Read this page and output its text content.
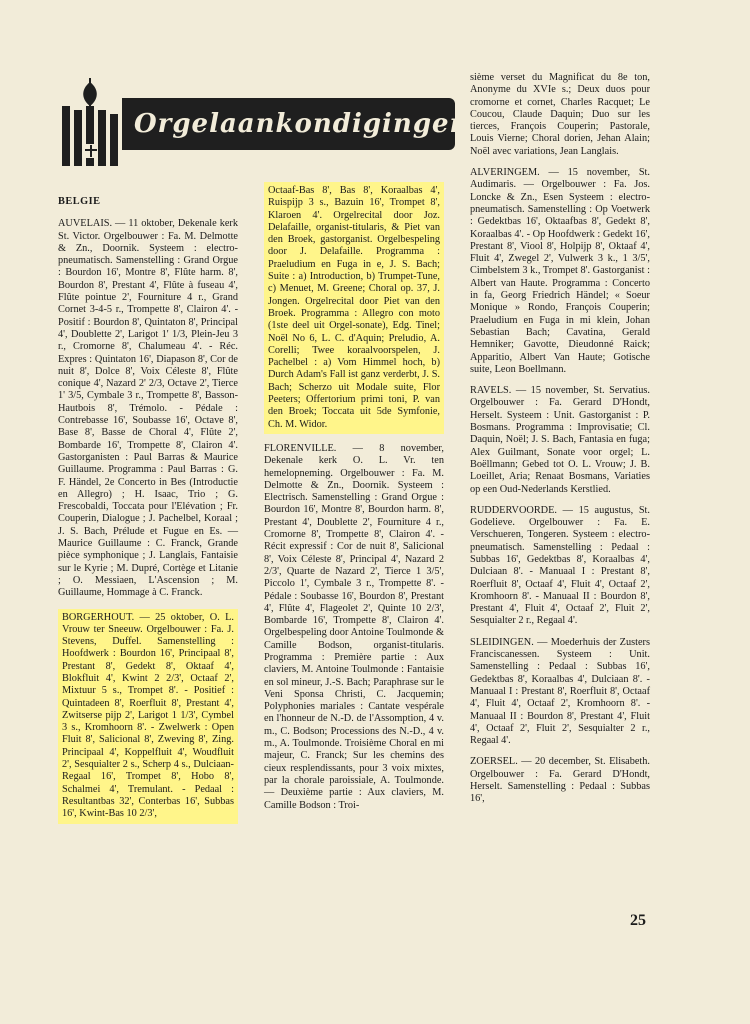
Orgelaankondigingen

BELGIE

AUVELAIS. — 11 oktober, Dekenale kerk St. Victor. Orgelbouwer : Fa. M. Delmotte & Zn., Doornik. Systeem : electro-pneumatisch. Samenstelling : Grand Orgue : Bourdon 16', Montre 8', Flûte harm. 8', Bourdon 8', Prestant 4', Flûte à fuseau 4', Flûte pointue 2', Fourniture 4 r., Grand Cornet 3-4-5 r., Trompette 8', Clairon 4'. - Positif : Bourdon 8', Quintaton 8', Principal 4', Doublette 2', Larigot 1' 1/3, Plein-Jeu 3 r., Cromorne 8', Chalumeau 4'. - Réc. Expres : Quintaton 16', Diapason 8', Cor de nuit 8', Dolce 8', Voix Céleste 8', Flûte conique 4', Nazard 2' 2/3, Octave 2', Tierce 1' 3/5, Cymbale 3 r., Trompette 8', Basson-Hautbois 8', Trémolo. - Pédale : Contrebasse 16', Soubasse 16', Octave 8', Base 8', Basse de Choral 4', Flûte 2', Bombarde 16', Trompette 8', Clairon 4'. Gastorganisten : Paul Barras & Maurice Guillaume. Programma : Paul Barras : G. F. Händel, 2e Concerto in Bes (Introductie en Allegro) ; H. Isaac, Trio ; G. Frescobaldi, Toccata pour l'Elévation ; Fr. Couperin, Dialogue ; J. Pachelbel, Koraal ; J. S. Bach, Prélude et Fugue en Es. — Maurice Guillaume : C. Franck, Grande pièce symphonique ; J. Langlais, Fantaisie sur le Kyrie ; M. Dupré, Cortège et Litanie ; O. Messiaen, L'Ascension ; M. Guillaume, Hommage à C. Franck.

BORGERHOUT. — 25 oktober, O. L. Vrouw ter Sneeuw. Orgelbouwer : Fa. J. Stevens, Duffel. Samenstelling : Hoofdwerk : Bourdon 16', Principaal 8', Prestant 8', Gedekt 8', Oktaaf 4', Blokfluit 4', Kwint 2 2/3', Octaaf 2', Mixtuur 5 s., Trompet 8'. - Positief : Quintadeen 8', Roerfluit 8', Prestant 4', Zwitserse pijp 2', Larigot 1 1/3', Cymbel 3 s., Kromhoorn 8'. - Zwelwerk : Open Fluit 8', Salicional 8', Zweving 8', Zing. Principaal 4', Koppelfluit 4', Woudfluit 2', Sesquialter 2 s., Scherp 4 s., Dulciaan-Regaal 16', Trompet 8', Hobo 8', Schalmei 4', Tremulant. - Pedaal : Resultantbas 32', Conterbas 16', Subbas 16', Kwint-Bas 10 2/3',

Octaaf-Bas 8', Bas 8', Koraalbas 4', Ruispijp 3 s., Bazuin 16', Trompet 8', Klaroen 4'. Orgelrecital door Joz. Delafaille, organist-titularis, & Piet van den Broek, gastorganist. Orgelbespeling door J. Delafaille. Programma : Praeludium en Fuga in e, J. S. Bach; Suite : a) Introduction, b) Trumpet-Tune, c) Menuet, M. Greene; Choral op. 37, J. Jongen. Orgelrecital door Piet van den Broek. Programma : Allegro con moto (1ste deel uit Orgel-sonate), Edg. Tinel; Noël No 6, L. C. d'Aquin; Preludio, A. Corelli; Twee koraalvoorspelen, J. Pachelbel : a) Vom Himmel hoch, b) Durch Adam's Fall ist ganz verderbt, J. S. Bach; Scherzo uit Modale suite, Flor Peeters; Offertorium primi toni, P. van den Broek; Toccata uit 5de Symfonie, Ch. M. Widor.

FLORENVILLE. — 8 november, Dekenale kerk O. L. Vr. ten hemelopneming. Orgelbouwer : Fa. M. Delmotte & Zn., Doornik. Systeem : Electrisch. Samenstelling : Grand Orgue : Bourdon 16', Montre 8', Bourdon harm. 8', Prestant 4', Doublette 2', Fourniture 4 r., Cromorne 8', Trompette 8', Clairon 4'. - Récit expressif : Cor de nuit 8', Salicional 8', Voix Céleste 8', Principal 4', Nazard 2 2/3', Quarte de Nazard 2', Tierce 1 3/5', Piccolo 1', Cymbale 3 r., Trompette 8'. - Pédale : Soubasse 16', Bourdon 8', Prestant 4', Flûte 4', Flageolet 2', Quinte 10 2/3', Bombarde 16', Trompette 8', Clairon 4'. Orgelbespeling door Antoine Toulmonde & Camille Bodson, organist-titularis. Programma : Première partie : Aux claviers, M. Antoine Toulmonde : Fantaisie en sol mineur, J.-S. Bach; Paraphrase sur le Veni Sponsa Christi, C. Jacquemin; Polyphonies mariales : Cantate vespérale en l'honneur de N.-D. de l'Assomption, 4 v. m., C. Bodson; Processions des N.-D., 4 v. m., A. Toulmonde. Troisième Choral en mi majeur, C. Franck; Sur les chemins des cieux resplendissants, pour 3 voix mixtes, par la chorale paroissiale, A. Toulmonde. — Deuxième partie : Aux claviers, M. Camille Bodson : Troi-

sième verset du Magnificat du 8e ton, Anonyme du XVIe s.; Deux duos pour cromorne et cornet, Charles Racquet; Le Coucou, Claude Daquin; Duo sur les tierces, François Couperin; Pastorale, Louis Vierne; Choral dorien, Jehan Alain; Noël avec variations, Jean Langlais.

ALVERINGEM. — 15 november, St. Audimaris. — Orgelbouwer : Fa. Jos. Loncke & Zn., Esen Systeem : electro-pneumatisch. Samenstelling : Op Voetwerk : Gedektbas 16', Oktaafbas 8', Gedekt 8', Koraalbas 4'. - Op Hoofdwerk : Gedekt 16', Prestant 8', Viool 8', Holpijp 8', Oktaaf 4', Fluit 4', Zwegel 2', Vulwerk 3 k., 1 3/5', Cimbelstem 3 k., Trompet 8'. Gastorganist : Albert van Haute. Programma : Concerto in fa, Georg Friedrich Händel; « Soeur Monique » Rondo, François Couperin; Praeludium en Fuga in mi klein, Johan Sebastian Bach; Cavatina, Gerald Hemniker; Gavotte, Dieudonné Raick; Apparitio, Albert Van Haute; Gotische suite, Leon Boellmann.

RAVELS. — 15 november, St. Servatius. Orgelbouwer : Fa. Gerard D'Hondt, Herselt. Systeem : Unit. Gastorganist : P. Bosmans. Programma : Improvisatie; Cl. Daquin, Noël; J. S. Bach, Fantasia en fuga; Alex Guilmant, Sonate voor orgel; L. Boëllmann; Gebed tot O. L. Vrouw; J. B. Loeillet, Aria; Renaat Bosmans, Variaties op een Oud-Nederlands Kerstlied.

RUDDERVOORDE. — 15 augustus, St. Godelieve. Orgelbouwer : Fa. E. Verschueren, Tongeren. Systeem : electro-pneumatisch. Samenstelling : Pedaal : Subbas 16', Gedektbas 8', Koraalbas 4', Dulciaan 8'. - Manuaal I : Prestant 8', Roerfluit 8', Octaaf 4', Fluit 4', Octaaf 2', Kromhoorn 8'. - Manuaal II : Bourdon 8', Prestant 4', Fluit 4', Octaaf 2', Fluit 2', Sesquialter 2 r., Regaal 4'.

SLEIDINGEN. — Moederhuis der Zusters Franciscanessen. Systeem : Unit. Samenstelling : Pedaal : Subbas 16', Gedektbas 8', Koraalbas 4', Dulciaan 8'. - Manuaal I : Prestant 8', Roerfluit 8', Octaaf 4', Fluit 4', Octaaf 2', Kromhoorn 8'. - Manuaal II : Bourdon 8', Prestant 4', Fluit 4', Octaaf 2', Fluit 2', Sesquialter 2 r., Regaal 4'.

ZOERSEL. — 20 december, St. Elisabeth. Orgelbouwer : Fa. Gerard D'Hondt, Herselt. Samenstelling : Pedaal : Subbas 16',

25
